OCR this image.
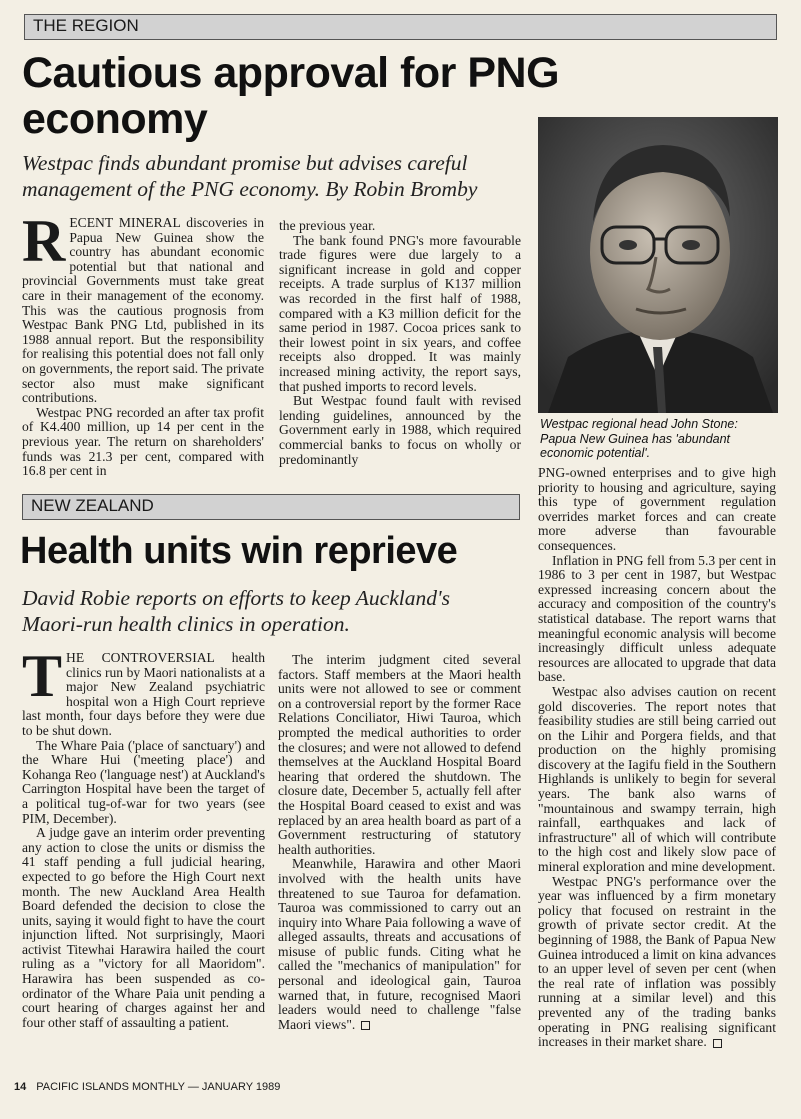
THE REGION
Cautious approval for PNG
economy
Westpac finds abundant promise but advises careful
management of the PNG economy. By Robin Bromby
Westpac regional head John Stone: Papua New Guinea has 'abundant economic potential'.
R ECENT MINERAL discoveries in Papua New Guinea show the country has abundant economic potential but that national and provincial Governments must take great care in their management of the economy. This was the cautious prognosis from Westpac Bank PNG Ltd, published in its 1988 annual report. But the responsibility for realising this potential does not fall only on governments, the report said. The private sector also must make significant contributions.

Westpac PNG recorded an after tax profit of K4.400 million, up 14 per cent in the previous year. The return on shareholders' funds was 21.3 per cent, compared with 16.8 per cent in

the previous year.

The bank found PNG's more favourable trade figures were due largely to a significant increase in gold and copper receipts. A trade surplus of K137 million was recorded in the first half of 1988, compared with a K3 million deficit for the same period in 1987. Cocoa prices sank to their lowest point in six years, and coffee receipts also dropped. It was mainly increased mining activity, the report says, that pushed imports to record levels.

But Westpac found fault with revised lending guidelines, announced by the Government early in 1988, which required commercial banks to focus on wholly or predominantly

PNG-owned enterprises and to give high priority to housing and agriculture, saying this type of government regulation overrides market forces and can create more adverse than favourable consequences.

Inflation in PNG fell from 5.3 per cent in 1986 to 3 per cent in 1987, but Westpac expressed increasing concern about the accuracy and composition of the country's statistical database. The report warns that meaningful economic analysis will become increasingly difficult unless adequate resources are allocated to upgrade that data base.

Westpac also advises caution on recent gold discoveries. The report notes that feasibility studies are still being carried out on the Lihir and Porgera fields, and that production on the highly promising discovery at the Iagifu field in the Southern Highlands is unlikely to begin for several years. The bank also warns of "mountainous and swampy terrain, high rainfall, earthquakes and lack of infrastructure" all of which will contribute to the high cost and likely slow pace of mineral exploration and mine development.

Westpac PNG's performance over the year was influenced by a firm monetary policy that focused on restraint in the growth of private sector credit. At the beginning of 1988, the Bank of Papua New Guinea introduced a limit on kina advances to an upper level of seven per cent (when the real rate of inflation was possibly running at a similar level) and this prevented any of the trading banks operating in PNG realising significant increases in their market share.

NEW ZEALAND
Health units win reprieve
David Robie reports on efforts to keep Auckland's
Maori-run health clinics in operation.
T HE CONTROVERSIAL health clinics run by Maori nationalists at a major New Zealand psychiatric hospital won a High Court reprieve last month, four days before they were due to be shut down.

The Whare Paia ('place of sanctuary') and the Whare Hui ('meeting place') and Kohanga Reo ('language nest') at Auckland's Carrington Hospital have been the target of a political tug-of-war for two years (see PIM, December).

A judge gave an interim order preventing any action to close the units or dismiss the 41 staff pending a full judicial hearing, expected to go before the High Court next month. The new Auckland Area Health Board defended the decision to close the units, saying it would fight to have the court injunction lifted. Not surprisingly, Maori activist Titewhai Harawira hailed the court ruling as a "victory for all Maoridom". Harawira has been suspended as co-ordinator of the Whare Paia unit pending a court hearing of charges against her and four other staff of assaulting a patient.

The interim judgment cited several factors. Staff members at the Maori health units were not allowed to see or comment on a controversial report by the former Race Relations Conciliator, Hiwi Tauroa, which prompted the medical authorities to order the closures; and were not allowed to defend themselves at the Auckland Hospital Board hearing that ordered the shutdown. The closure date, December 5, actually fell after the Hospital Board ceased to exist and was replaced by an area health board as part of a Government restructuring of statutory health authorities.

Meanwhile, Harawira and other Maori involved with the health units have threatened to sue Tauroa for defamation. Tauroa was commissioned to carry out an inquiry into Whare Paia following a wave of alleged assaults, threats and accusations of misuse of public funds. Citing what he called the "mechanics of manipulation" for personal and ideological gain, Tauroa warned that, in future, recognised Maori leaders would need to challenge "false Maori views".

14 PACIFIC ISLANDS MONTHLY — JANUARY 1989
